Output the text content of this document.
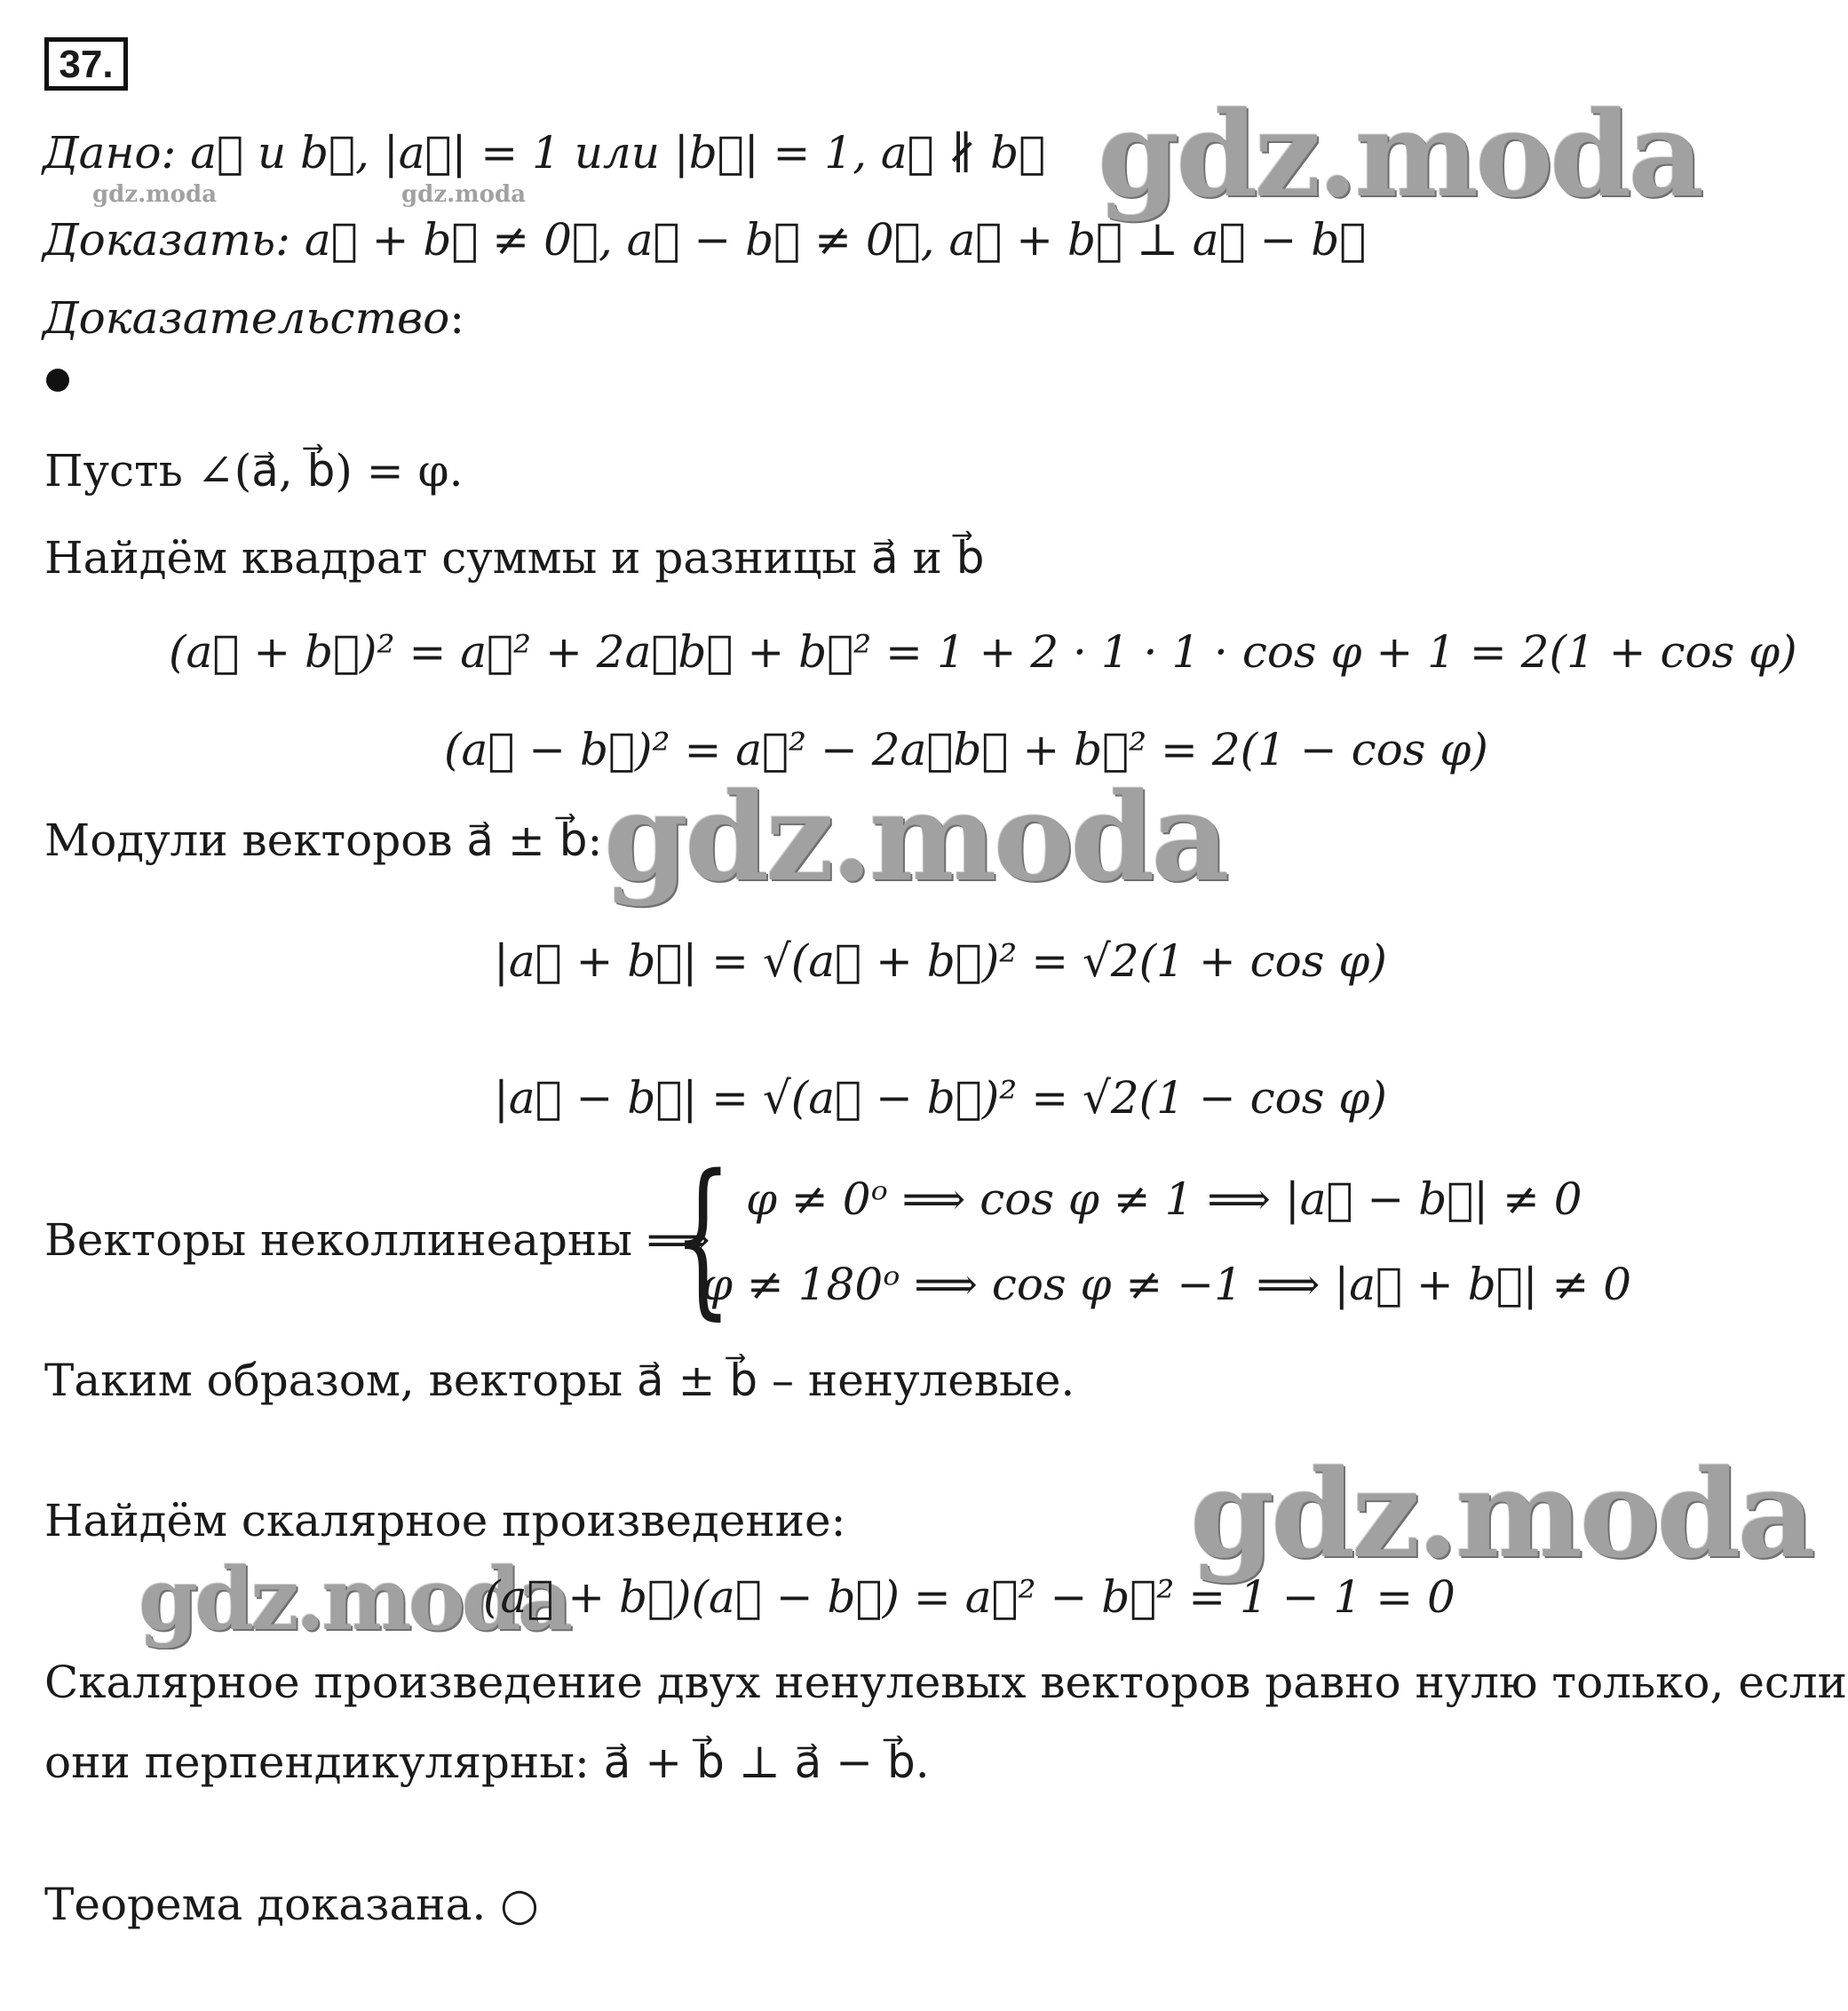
37.
Дано: a⃗ и b⃗, |a⃗| = 1 или |b⃗| = 1, a⃗ ∦ b⃗
gdz.moda	gdz.moda	gdz.moda
Доказать: a⃗ + b⃗ ≠ 0⃗, a⃗ − b⃗ ≠ 0⃗, a⃗ + b⃗ ⊥ a⃗ − b⃗
Доказательство:
Пусть ∠(a⃗, b⃗) = φ.
Найдём квадрат суммы и разницы a⃗ и b⃗
(a⃗ + b⃗)² = a⃗² + 2a⃗b⃗ + b⃗² = 1 + 2 · 1 · 1 · cos φ + 1 = 2(1 + cos φ)
(a⃗ − b⃗)² = a⃗² − 2a⃗b⃗ + b⃗² = 2(1 − cos φ)
Модули векторов a⃗ ± b⃗: gdz.moda
|a⃗ + b⃗| = √(a⃗ + b⃗)² = √2(1 + cos φ)
|a⃗ − b⃗| = √(a⃗ − b⃗)² = √2(1 − cos φ)
Векторы неколлинеарны ⟹
{ φ ≠ 0ᵒ ⟹ cos φ ≠ 1 ⟹ |a⃗ − b⃗| ≠ 0
φ ≠ 180ᵒ ⟹ cos φ ≠ −1 ⟹ |a⃗ + b⃗| ≠ 0
Таким образом, векторы a⃗ ± b⃗ – ненулевые.
Найдём скалярное произведение:	gdz.moda
gdz.moda
(a⃗ + b⃗)(a⃗ − b⃗) = a⃗² − b⃗² = 1 − 1 = 0
Скалярное произведение двух ненулевых векторов равно нулю только, если
они перпендикулярны: a⃗ + b⃗ ⊥ a⃗ − b⃗.
Теорема доказана. ○
